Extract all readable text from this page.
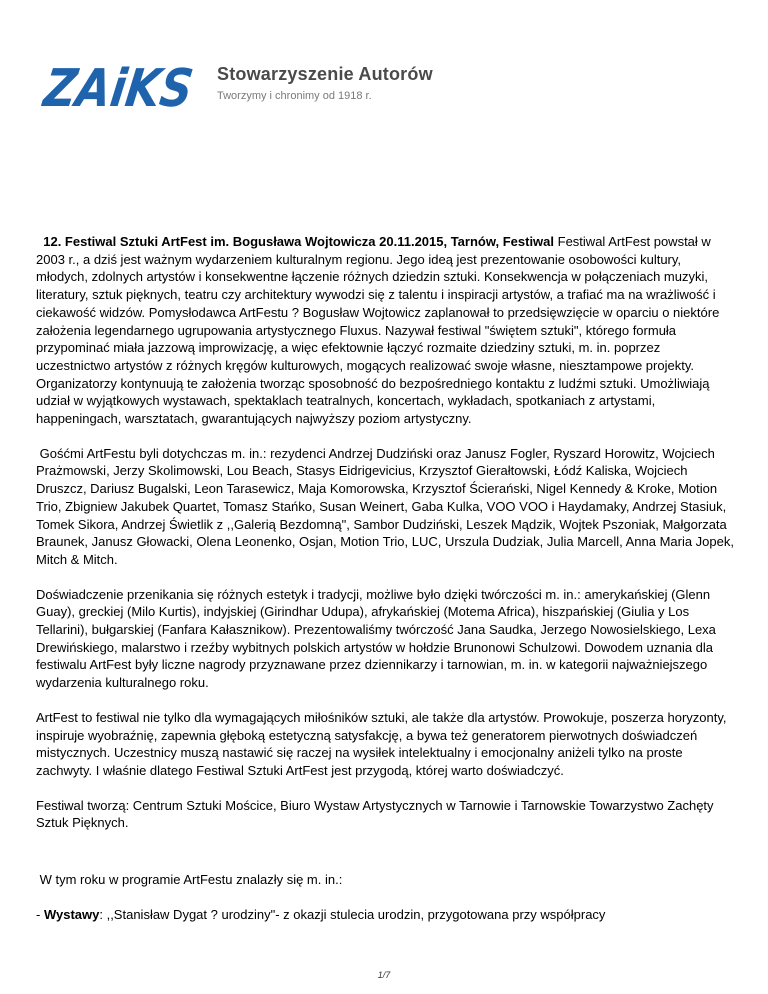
ZAiKS
Stowarzyszenie Autorów
Tworzymy i chronimy od 1918 r.

12. Festiwal Sztuki ArtFest im. Bogusława Wojtowicza 20.11.2015, Tarnów, Festiwal Festiwal ArtFest powstał w 2003 r., a dziś jest ważnym wydarzeniem kulturalnym regionu. Jego ideą jest prezentowanie osobowości kultury, młodych, zdolnych artystów i konsekwentne łączenie różnych dziedzin sztuki. Konsekwencja w połączeniach muzyki, literatury, sztuk pięknych, teatru czy architektury wywodzi się z talentu i inspiracji artystów, a trafiać ma na wrażliwość i ciekawość widzów. Pomysłodawca ArtFestu ? Bogusław Wojtowicz zaplanował to przedsięwzięcie w oparciu o niektóre założenia legendarnego ugrupowania artystycznego Fluxus. Nazywał festiwal "świętem sztuki", którego formuła przypominać miała jazzową improwizację, a więc efektownie łączyć rozmaite dziedziny sztuki, m. in. poprzez uczestnictwo artystów z różnych kręgów kulturowych, mogących realizować swoje własne, niesztampowe projekty. Organizatorzy kontynuują te założenia tworząc sposobność do bezpośredniego kontaktu z ludźmi sztuki. Umożliwiają udział w wyjątkowych wystawach, spektaklach teatralnych, koncertach, wykładach, spotkaniach z artystami, happeningach, warsztatach, gwarantujących najwyższy poziom artystyczny.

Gośćmi ArtFestu byli dotychczas m. in.: rezydenci Andrzej Dudziński oraz Janusz Fogler, Ryszard Horowitz, Wojciech Prażmowski, Jerzy Skolimowski, Lou Beach, Stasys Eidrigevicius, Krzysztof Gierałtowski, Łódź Kaliska, Wojciech Druszcz, Dariusz Bugalski, Leon Tarasewicz, Maja Komorowska, Krzysztof Ścierański, Nigel Kennedy & Kroke, Motion Trio, Zbigniew Jakubek Quartet, Tomasz Stańko, Susan Weinert, Gaba Kulka, VOO VOO i Haydamaky, Andrzej Stasiuk, Tomek Sikora, Andrzej Świetlik z ,,Galerią Bezdomną", Sambor Dudziński, Leszek Mądzik, Wojtek Pszoniak, Małgorzata Braunek, Janusz Głowacki, Olena Leonenko, Osjan, Motion Trio, LUC, Urszula Dudziak, Julia Marcell, Anna Maria Jopek, Mitch & Mitch.

Doświadczenie przenikania się różnych estetyk i tradycji, możliwe było dzięki twórczości m. in.: amerykańskiej (Glenn Guay), greckiej (Milo Kurtis), indyjskiej (Girindhar Udupa), afrykańskiej (Motema Africa), hiszpańskiej (Giulia y Los Tellarini), bułgarskiej (Fanfara Kałasznikow). Prezentowaliśmy twórczość Jana Saudka, Jerzego Nowosielskiego, Lexa Drewińskiego, malarstwo i rzeźby wybitnych polskich artystów w hołdzie Brunonowi Schulzowi. Dowodem uznania dla festiwalu ArtFest były liczne nagrody przyznawane przez dziennikarzy i tarnowian, m. in. w kategorii najważniejszego wydarzenia kulturalnego roku.

ArtFest to festiwal nie tylko dla wymagających miłośników sztuki, ale także dla artystów. Prowokuje, poszerza horyzonty, inspiruje wyobraźnię, zapewnia głęboką estetyczną satysfakcję, a bywa też generatorem pierwotnych doświadczeń mistycznych. Uczestnicy muszą nastawić się raczej na wysiłek intelektualny i emocjonalny aniżeli tylko na proste zachwyty. I właśnie dlatego Festiwal Sztuki ArtFest jest przygodą, której warto doświadczyć.

Festiwal tworzą: Centrum Sztuki Mościce, Biuro Wystaw Artystycznych w Tarnowie i Tarnowskie Towarzystwo Zachęty Sztuk Pięknych.

W tym roku w programie ArtFestu znalazły się m. in.:

- Wystawy: ,,Stanisław Dygat ? urodziny"- z okazji stulecia urodzin, przygotowana przy współpracy

1/7
